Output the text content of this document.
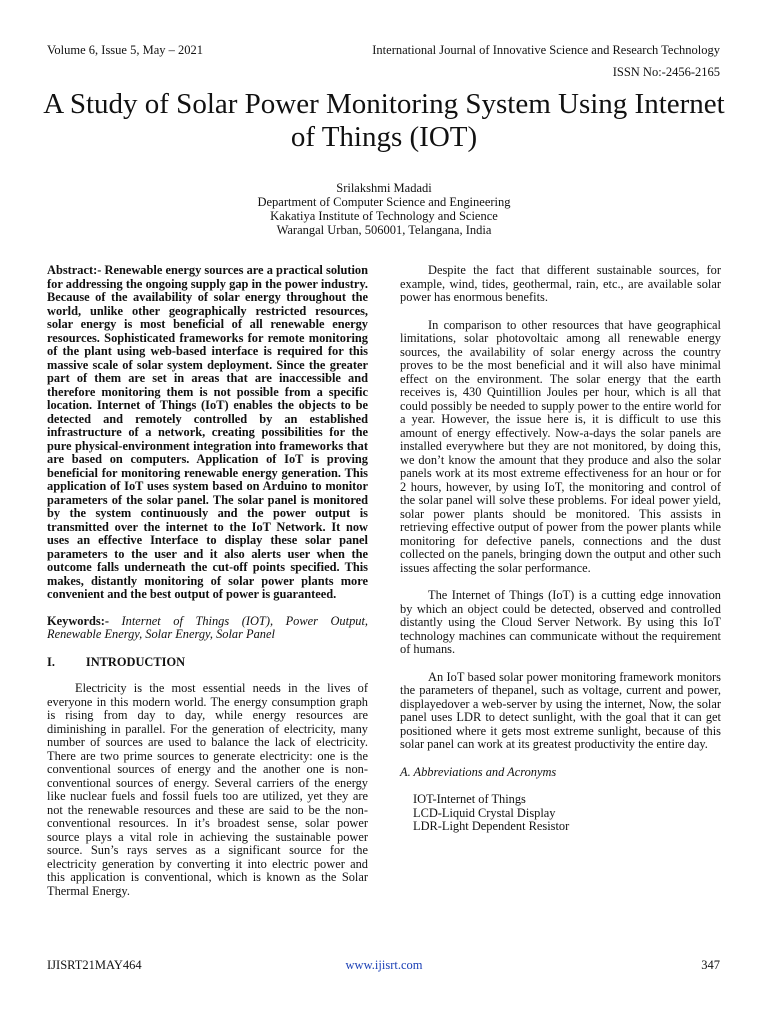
Volume 6, Issue 5, May – 2021	International Journal of Innovative Science and Research Technology
ISSN No:-2456-2165
A Study of Solar Power Monitoring System Using Internet of Things (IOT)
Srilakshmi Madadi
Department of Computer Science and Engineering
Kakatiya Institute of Technology and Science
Warangal Urban, 506001, Telangana, India

Abstract:- Renewable energy sources are a practical solution for addressing the ongoing supply gap in the power industry. Because of the availability of solar energy throughout the world, unlike other geographically restricted resources, solar energy is most beneficial of all renewable energy resources. Sophisticated frameworks for remote monitoring of the plant using web-based interface is required for this massive scale of solar system deployment. Since the greater part of them are set in areas that are inaccessible and therefore monitoring them is not possible from a specific location. Internet of Things (IoT) enables the objects to be detected and remotely controlled by an established infrastructure of a network, creating possibilities for the pure physical-environment integration into frameworks that are based on computers. Application of IoT is proving beneficial for monitoring renewable energy generation. This application of IoT uses system based on Arduino to monitor parameters of the solar panel. The solar panel is monitored by the system continuously and the power output is transmitted over the internet to the IoT Network. It now uses an effective Interface to display these solar panel parameters to the user and it also alerts user when the outcome falls underneath the cut-off points specified. This makes, distantly monitoring of solar power plants more convenient and the best output of power is guaranteed.

Keywords:- Internet of Things (IOT), Power Output, Renewable Energy, Solar Energy, Solar Panel

I.          INTRODUCTION

Electricity is the most essential needs in the lives of everyone in this modern world. The energy consumption graph is rising from day to day, while energy resources are diminishing in parallel. For the generation of electricity, many number of sources are used to balance the lack of electricity. There are two prime sources to generate electricity: one is the conventional sources of energy and the another one is non-conventional sources of energy. Several carriers of the energy like nuclear fuels and fossil fuels too are utilized, yet they are not the renewable resources and these are said to be the non-conventional resources. In it’s broadest sense, solar power source plays a vital role in achieving the sustainable power source. Sun’s rays serves as a significant source for the electricity generation by converting it into electric power and this application is conventional, which is known as the Solar Thermal Energy.

Despite the fact that different sustainable sources, for example, wind, tides, geothermal, rain, etc., are available solar power has enormous benefits.

In comparison to other resources that have geographical limitations, solar photovoltaic among all renewable energy sources, the availability of solar energy across the country proves to be the most beneficial and it will also have minimal effect on the environment. The solar energy that the earth receives is, 430 Quintillion Joules per hour, which is all that could possibly be needed to supply power to the entire world for a year. However, the issue here is, it is difficult to use this amount of energy effectively. Now-a-days the solar panels are installed everywhere but they are not monitored, by doing this, we don’t know the amount that they produce and also the solar panels work at its most extreme effectiveness for an hour or for 2 hours, however, by using IoT, the monitoring and control of the solar panel will solve these problems. For ideal power yield, solar power plants should be monitored. This assists in retrieving effective output of power from the power plants while monitoring for defective panels, connections and the dust collected on the panels, bringing down the output and other such issues affecting the solar performance.

The Internet of Things (IoT) is a cutting edge innovation by which an object could be detected, observed and controlled distantly using the Cloud Server Network. By using this IoT technology machines can communicate without the requirement of humans.

An IoT based solar power monitoring framework monitors the parameters of thepanel, such as voltage, current and power, displayedover a web-server by using the internet, Now, the solar panel uses LDR to detect sunlight, with the goal that it can get positioned where it gets most extreme sunlight, because of this solar panel can work at its greatest productivity the entire day.

A. Abbreviations and Acronyms

IOT-Internet of Things
LCD-Liquid Crystal Display
LDR-Light Dependent Resistor
IJISRT21MAY464	www.ijisrt.com	347
